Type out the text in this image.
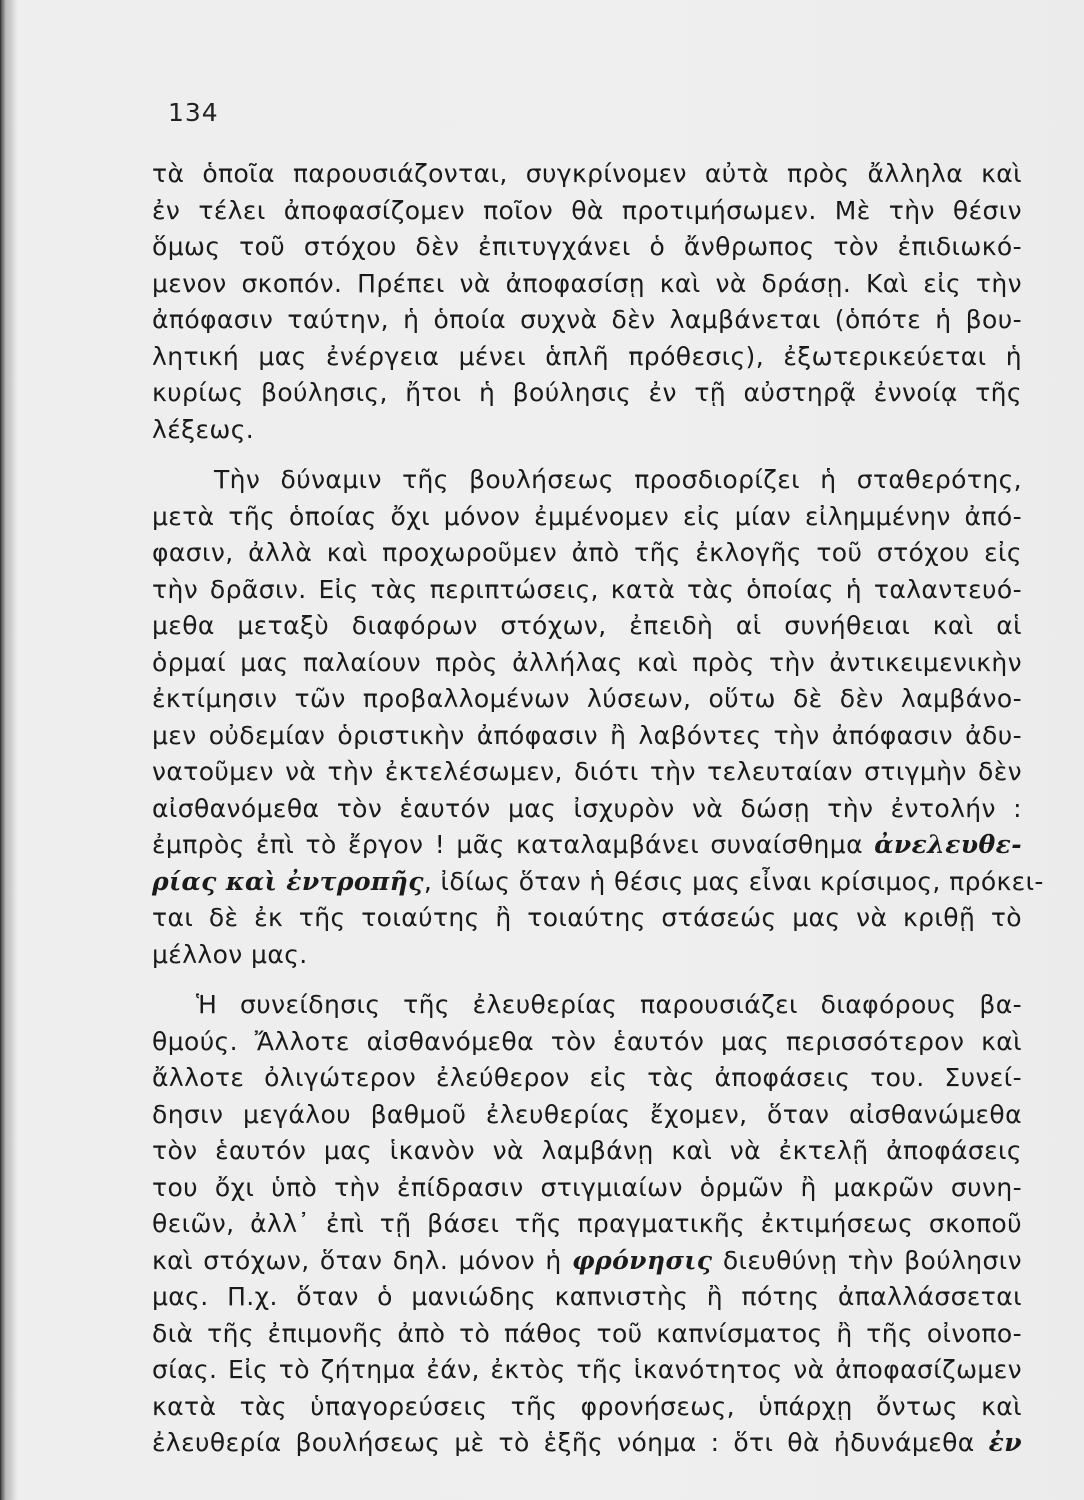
134
τὰ ὁποῖα παρουσιάζονται, συγκρίνομεν αὐτὰ πρὸς ἄλληλα καὶ
ἐν τέλει ἀποφασίζομεν ποῖον θὰ προτιμήσωμεν. Μὲ τὴν θέσιν
ὅμως τοῦ στόχου δὲν ἐπιτυγχάνει ὁ ἄνθρωπος τὸν ἐπιδιωκό-
μενον σκοπόν. Πρέπει νὰ ἀποφασίσῃ καὶ νὰ δράσῃ. Καὶ εἰς τὴν
ἀπόφασιν ταύτην, ἡ ὁποία συχνὰ δὲν λαμβάνεται (ὁπότε ἡ βου-
λητική μας ἐνέργεια μένει ἁπλῆ πρόθεσις), ἐξωτερικεύεται ἡ
κυρίως βούλησις, ἤτοι ἡ βούλησις ἐν τῇ αὐστηρᾷ ἐννοίᾳ τῆς
λέξεως.
Τὴν δύναμιν τῆς βουλήσεως προσδιορίζει ἡ σταθερότης,
μετὰ τῆς ὁποίας ὄχι μόνον ἐμμένομεν εἰς μίαν εἰλημμένην ἀπό-
φασιν, ἀλλὰ καὶ προχωροῦμεν ἀπὸ τῆς ἐκλογῆς τοῦ στόχου εἰς
τὴν δρᾶσιν. Εἰς τὰς περιπτώσεις, κατὰ τὰς ὁποίας ἡ ταλαντευό-
μεθα μεταξὺ διαφόρων στόχων, ἐπειδὴ αἱ συνήθειαι καὶ αἱ
ὁρμαί μας παλαίουν πρὸς ἀλλήλας καὶ πρὸς τὴν ἀντικειμενικὴν
ἐκτίμησιν τῶν προβαλλομένων λύσεων, οὕτω δὲ δὲν λαμβάνο-
μεν οὐδεμίαν ὁριστικὴν ἀπόφασιν ἢ λαβόντες τὴν ἀπόφασιν ἀδυ-
νατοῦμεν νὰ τὴν ἐκτελέσωμεν, διότι τὴν τελευταίαν στιγμὴν δὲν
αἰσθανόμεθα τὸν ἑαυτόν μας ἰσχυρὸν νὰ δώσῃ τὴν ἐντολήν :
ἐμπρὸς ἐπὶ τὸ ἔργον ! μᾶς καταλαμβάνει συναίσθημα ἀνελευθε-
ρίας καὶ ἐντροπῆς, ἰδίως ὅταν ἡ θέσις μας εἶναι κρίσιμος, πρόκει-
ται δὲ ἐκ τῆς τοιαύτης ἢ τοιαύτης στάσεώς μας νὰ κριθῇ τὸ
μέλλον μας.
Ἡ συνείδησις τῆς ἐλευθερίας παρουσιάζει διαφόρους βα-
θμούς. Ἄλλοτε αἰσθανόμεθα τὸν ἑαυτόν μας περισσότερον καὶ
ἄλλοτε ὀλιγώτερον ἐλεύθερον εἰς τὰς ἀποφάσεις του. Συνεί-
δησιν μεγάλου βαθμοῦ ἐλευθερίας ἔχομεν, ὅταν αἰσθανώμεθα
τὸν ἑαυτόν μας ἱκανὸν νὰ λαμβάνῃ καὶ νὰ ἐκτελῇ ἀποφάσεις
του ὄχι ὑπὸ τὴν ἐπίδρασιν στιγμιαίων ὁρμῶν ἢ μακρῶν συνη-
θειῶν, ἀλλ᾽ ἐπὶ τῇ βάσει τῆς πραγματικῆς ἐκτιμήσεως σκοποῦ
καὶ στόχων, ὅταν δηλ. μόνον ἡ φρόνησις διευθύνῃ τὴν βούλησιν
μας. Π.χ. ὅταν ὁ μανιώδης καπνιστὴς ἢ πότης ἀπαλλάσσεται
διὰ τῆς ἐπιμονῆς ἀπὸ τὸ πάθος τοῦ καπνίσματος ἢ τῆς οἰνοπο-
σίας. Εἰς τὸ ζήτημα ἐάν, ἐκτὸς τῆς ἱκανότητος νὰ ἀποφασίζωμεν
κατὰ τὰς ὑπαγορεύσεις τῆς φρονήσεως, ὑπάρχῃ ὄντως καὶ
ἐλευθερία βουλήσεως μὲ τὸ ἑξῆς νόημα : ὅτι θὰ ἠδυνάμεθα ἐν
